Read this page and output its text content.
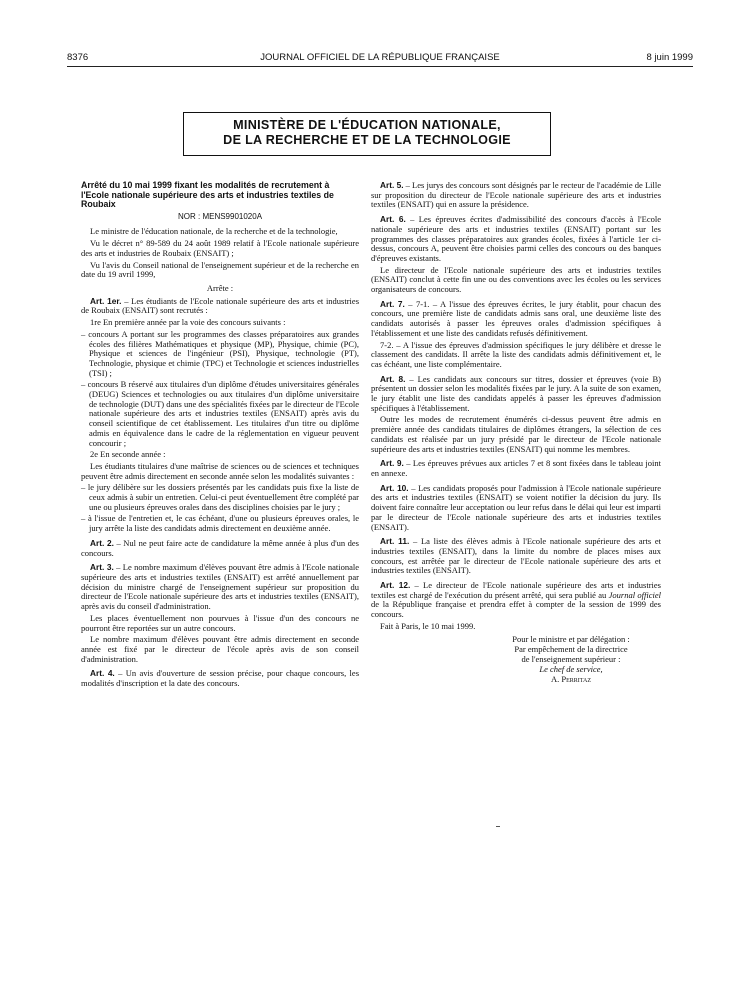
8376	JOURNAL OFFICIEL DE LA RÉPUBLIQUE FRANÇAISE	8 juin 1999
MINISTÈRE DE L'ÉDUCATION NATIONALE,
DE LA RECHERCHE ET DE LA TECHNOLOGIE

Arrêté du 10 mai 1999 fixant les modalités de recrutement à l'Ecole nationale supérieure des arts et industries textiles de Roubaix

NOR : MENS9901020A

Le ministre de l'éducation nationale, de la recherche et de la technologie,

Vu le décret n° 89-589 du 24 août 1989 relatif à l'Ecole nationale supérieure des arts et industries de Roubaix (ENSAIT) ;

Vu l'avis du Conseil national de l'enseignement supérieur et de la recherche en date du 19 avril 1999,

Arrête :

Art. 1er. – Les étudiants de l'Ecole nationale supérieure des arts et industries de Roubaix (ENSAIT) sont recrutés :

1re En première année par la voie des concours suivants :

– concours A portant sur les programmes des classes préparatoires aux grandes écoles des filières Mathématiques et physique (MP), Physique, chimie (PC), Physique et sciences de l'ingénieur (PSI), Physique, technologie (PT), Technologie, physique et chimie (TPC) et Technologie et sciences industrielles (TSI) ;

– concours B réservé aux titulaires d'un diplôme d'études universitaires générales (DEUG) Sciences et technologies ou aux titulaires d'un diplôme universitaire de technologie (DUT) dans une des spécialités fixées par le directeur de l'Ecole nationale supérieure des arts et industries textiles (ENSAIT) après avis du conseil scientifique de cet établissement. Les titulaires d'un titre ou diplôme admis en équivalence dans le cadre de la réglementation en vigueur peuvent concourir ;

2e En seconde année :

Les étudiants titulaires d'une maîtrise de sciences ou de sciences et techniques peuvent être admis directement en seconde année selon les modalités suivantes :

– le jury délibère sur les dossiers présentés par les candidats puis fixe la liste de ceux admis à subir un entretien. Celui-ci peut éventuellement être complété par une ou plusieurs épreuves orales dans des disciplines choisies par le jury ;

– à l'issue de l'entretien et, le cas échéant, d'une ou plusieurs épreuves orales, le jury arrête la liste des candidats admis directement en deuxième année.

Art. 2. – Nul ne peut faire acte de candidature la même année à plus d'un des concours.

Art. 3. – Le nombre maximum d'élèves pouvant être admis à l'Ecole nationale supérieure des arts et industries textiles (ENSAIT) est arrêté annuellement par décision du ministre chargé de l'enseignement supérieur sur proposition du directeur de l'Ecole nationale supérieure des arts et industries textiles (ENSAIT), après avis du conseil d'administration.

Les places éventuellement non pourvues à l'issue d'un des concours ne pourront être reportées sur un autre concours.

Le nombre maximum d'élèves pouvant être admis directement en seconde année est fixé par le directeur de l'école après avis de son conseil d'administration.

Art. 4. – Un avis d'ouverture de session précise, pour chaque concours, les modalités d'inscription et la date des concours.

Art. 5. – Les jurys des concours sont désignés par le recteur de l'académie de Lille sur proposition du directeur de l'Ecole nationale supérieure des arts et industries textiles (ENSAIT) qui en assure la présidence.

Art. 6. – Les épreuves écrites d'admissibilité des concours d'accès à l'Ecole nationale supérieure des arts et industries textiles (ENSAIT) portant sur les programmes des classes préparatoires aux grandes écoles, fixées à l'article 1er ci-dessus, concours A, peuvent être choisies parmi celles des concours ou des banques d'épreuves existants.

Le directeur de l'Ecole nationale supérieure des arts et industries textiles (ENSAIT) conclut à cette fin une ou des conventions avec les écoles ou les services organisateurs de concours.

Art. 7. – 7-1. – A l'issue des épreuves écrites, le jury établit, pour chacun des concours, une première liste de candidats admis sans oral, une deuxième liste des candidats autorisés à passer les épreuves orales d'admission spécifiques à l'établissement et une liste des candidats refusés définitivement.

7-2. – A l'issue des épreuves d'admission spécifiques le jury délibère et dresse le classement des candidats. Il arrête la liste des candidats admis définitivement et, le cas échéant, une liste complémentaire.

Art. 8. – Les candidats aux concours sur titres, dossier et épreuves (voie B) présentent un dossier selon les modalités fixées par le jury. A la suite de son examen, le jury établit une liste des candidats appelés à passer les épreuves d'admission spécifiques à l'établissement.

Outre les modes de recrutement énumérés ci-dessus peuvent être admis en première année des candidats titulaires de diplômes étrangers, la sélection de ces candidats est réalisée par un jury présidé par le directeur de l'Ecole nationale supérieure des arts et industries textiles (ENSAIT) qui nomme les membres.

Art. 9. – Les épreuves prévues aux articles 7 et 8 sont fixées dans le tableau joint en annexe.

Art. 10. – Les candidats proposés pour l'admission à l'Ecole nationale supérieure des arts et industries textiles (ENSAIT) se voient notifier la décision du jury. Ils doivent faire connaître leur acceptation ou leur refus dans le délai qui leur est imparti par le directeur de l'Ecole nationale supérieure des arts et industries textiles (ENSAIT).

Art. 11. – La liste des élèves admis à l'Ecole nationale supérieure des arts et industries textiles (ENSAIT), dans la limite du nombre de places mises aux concours, est arrêtée par le directeur de l'Ecole nationale supérieure des arts et industries textiles (ENSAIT).

Art. 12. – Le directeur de l'Ecole nationale supérieure des arts et industries textiles est chargé de l'exécution du présent arrêté, qui sera publié au Journal officiel de la République française et prendra effet à compter de la session de 1999 des concours.

Fait à Paris, le 10 mai 1999.

Pour le ministre et par délégation :
Par empêchement de la directrice
de l'enseignement supérieur :
Le chef de service,
A. Perritaz
